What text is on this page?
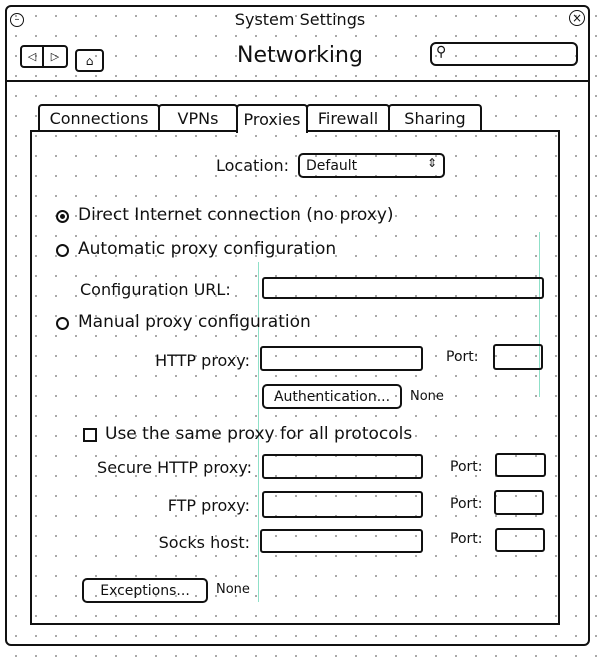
–	System Settings	×
◁ ▷ ⌂	Networking	⚲
Connections VPNs Proxies Firewall Sharing
Location:	Default	⇕
Direct Internet connection (no proxy)
Automatic proxy configuration
Configuration URL:
Manual proxy configuration
HTTP proxy:	Port:
Authentication... None
Use the same proxy for all protocols
Secure HTTP proxy:	Port:
FTP proxy:	Port:
Socks host:	Port:
Exceptions... None
